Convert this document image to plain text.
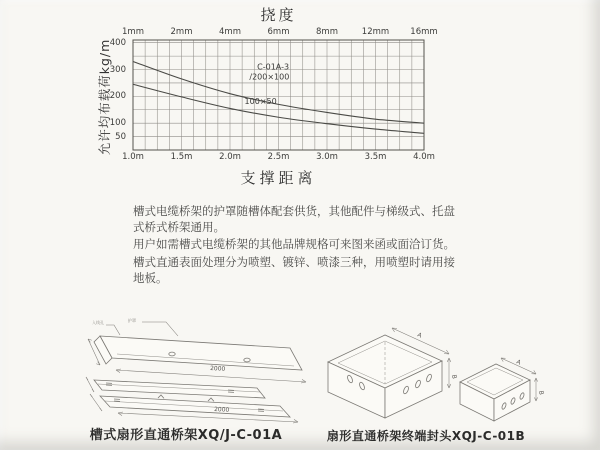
挠度
允许均布载荷kg/m
1mm	2mm	4mm	6mm	8mm	12mm 16mm
400
300
200
100
50
C-01A-3
/200×100
100×50
1.0m	1.5m	2.0m	2.5m	3.0m	3.5m	4.0m
支撑距离

槽式电缆桥架的护罩随槽体配套供货，其他配件与梯级式、托盘式桥式桥架通用。

用户如需槽式电缆桥架的其他品牌规格可来图来函或面洽订货。

槽式直通表面处理分为喷塑、镀锌、喷漆三种，用喷塑时请用接地板。

入线孔	护罩
2000
2000
槽式扇形直通桥架XQ/J-C-01A
A
B
A
B
扇形直通桥架终端封头XQJ-C-01B
